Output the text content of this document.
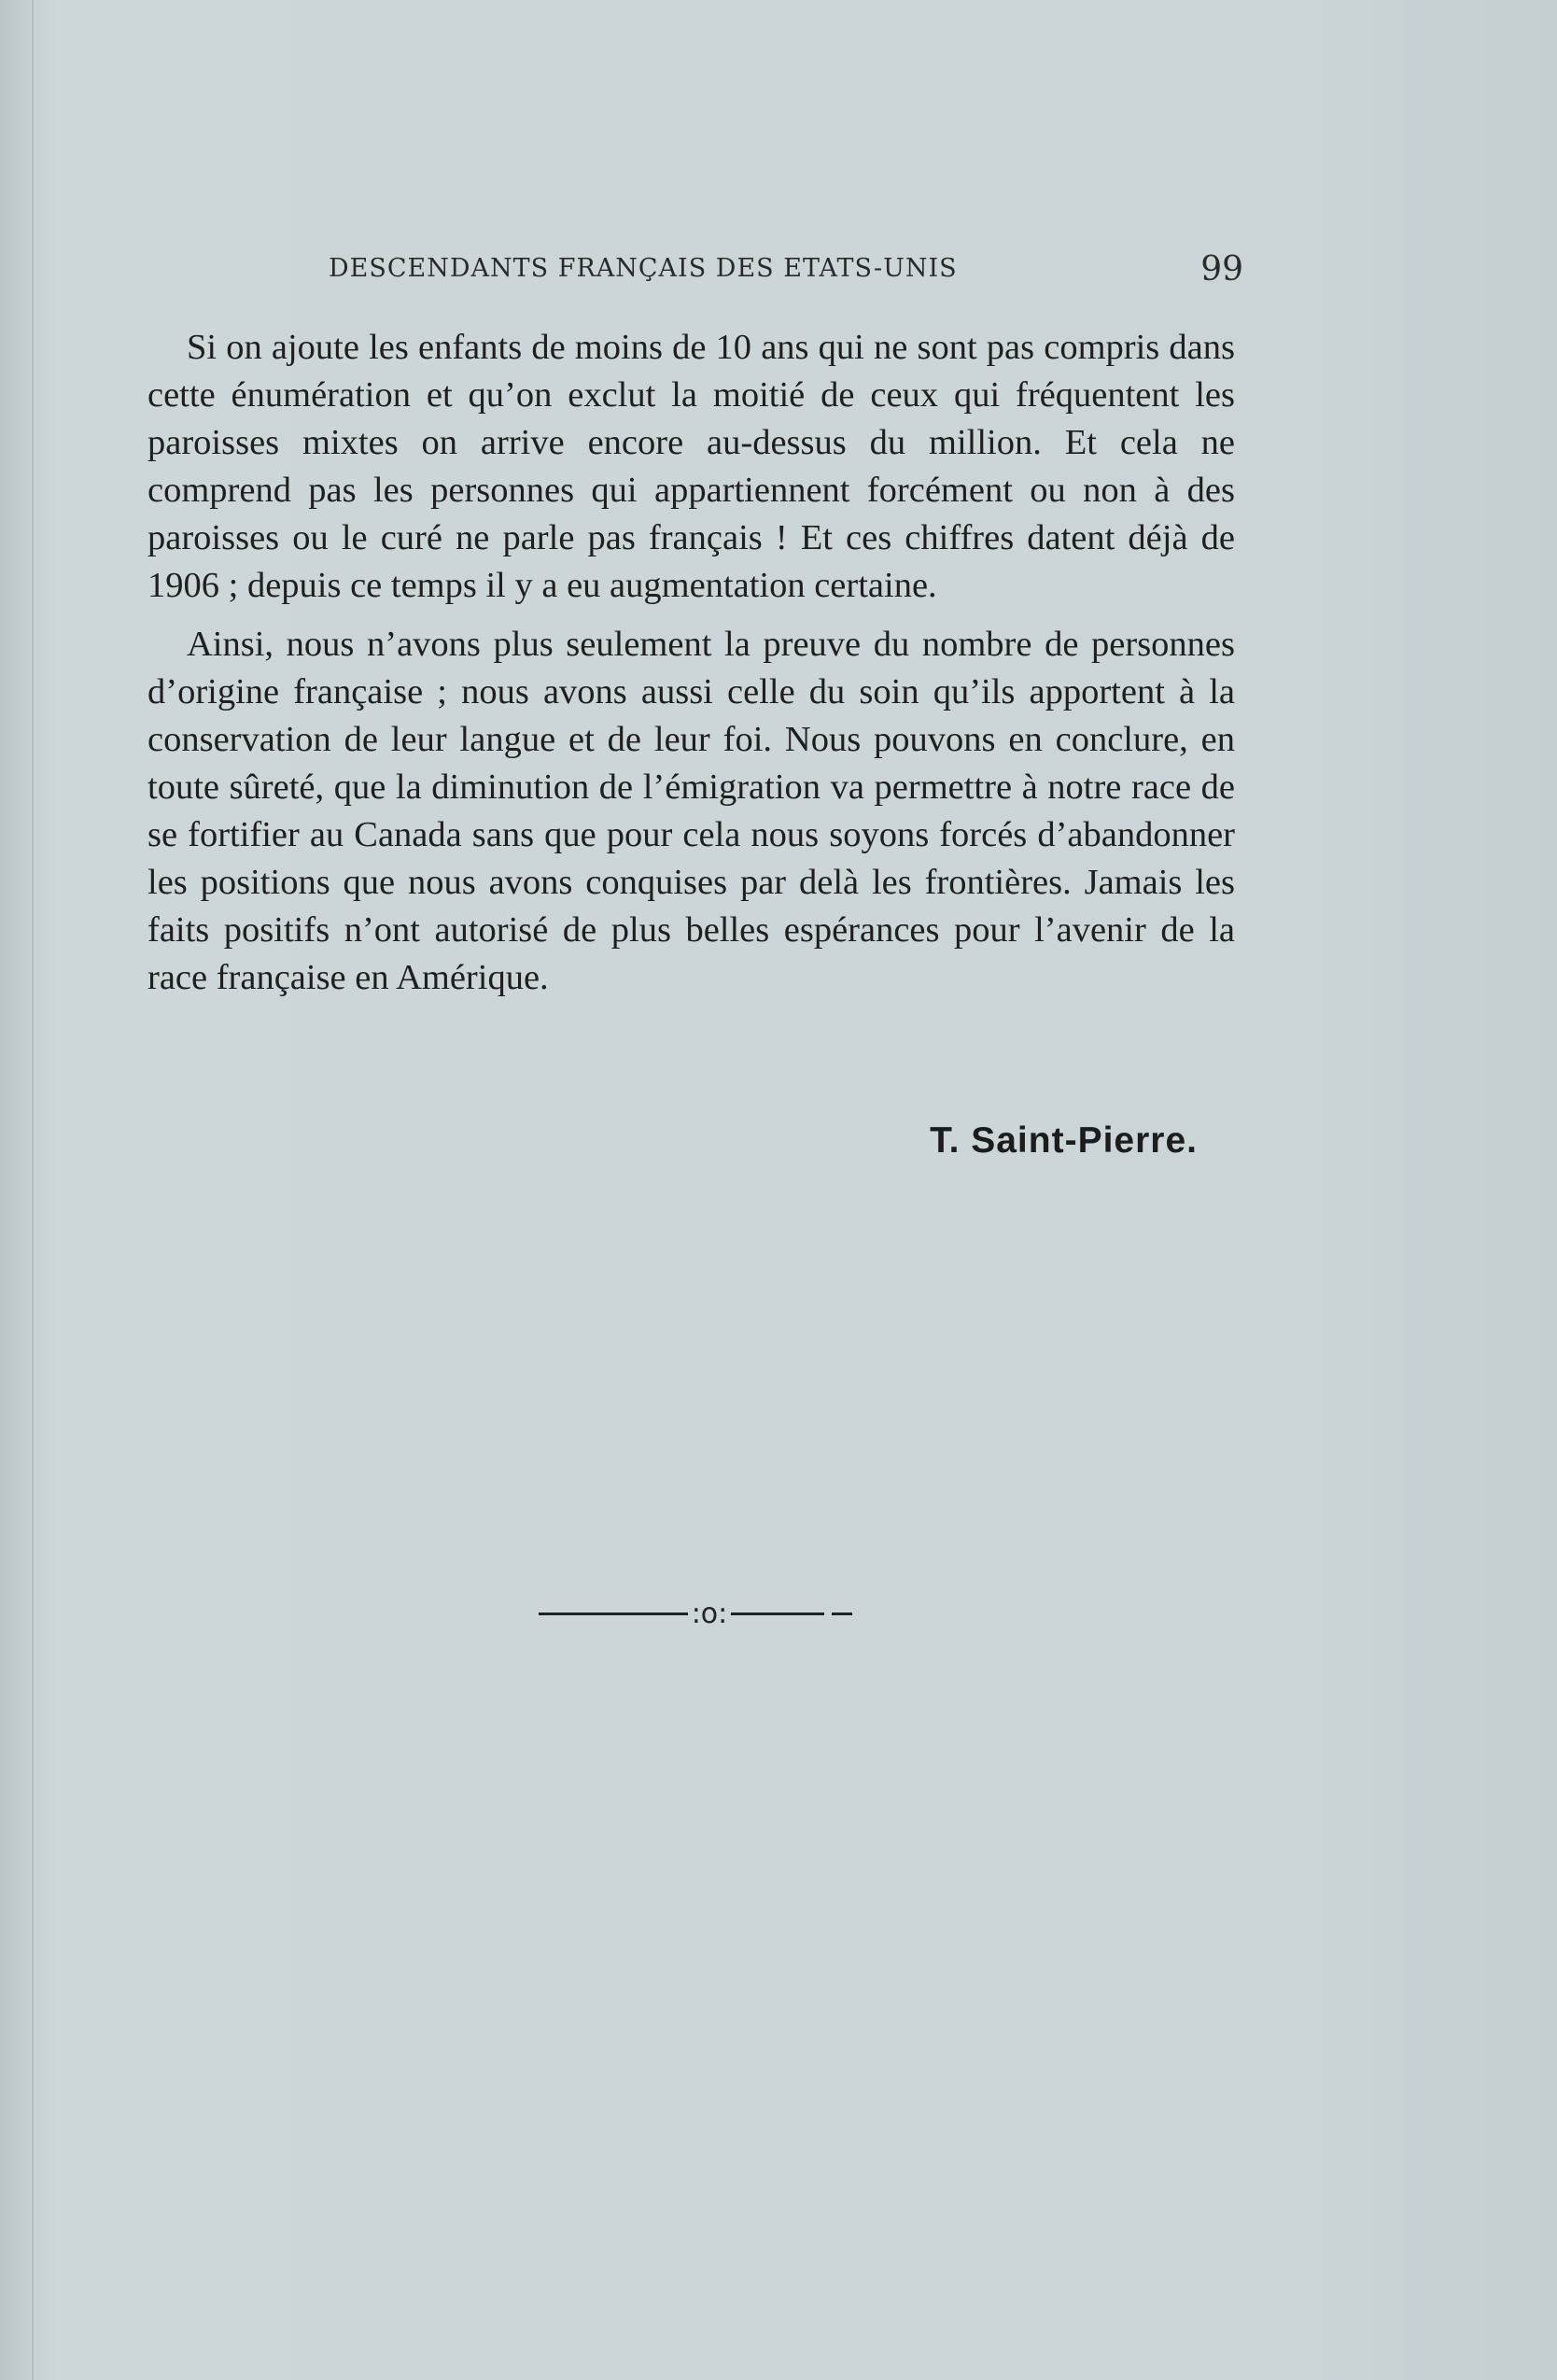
DESCENDANTS FRANÇAIS DES ETATS-UNIS	99

Si on ajoute les enfants de moins de 10 ans qui ne sont pas compris dans cette énumération et qu’on exclut la moitié de ceux qui fréquentent les paroisses mixtes on arrive encore au-dessus du million. Et cela ne comprend pas les personnes qui appartiennent forcément ou non à des paroisses ou le curé ne parle pas français ! Et ces chiffres datent déjà de 1906 ; depuis ce temps il y a eu augmentation certaine.

Ainsi, nous n’avons plus seulement la preuve du nombre de personnes d’origine française ; nous avons aussi celle du soin qu’ils apportent à la conservation de leur langue et de leur foi. Nous pouvons en conclure, en toute sûreté, que la diminution de l’émigration va permettre à notre race de se fortifier au Canada sans que pour cela nous soyons forcés d’abandonner les positions que nous avons conquises par delà les frontières. Jamais les faits positifs n’ont autorisé de plus belles espérances pour l’avenir de la race française en Amérique.

T. Saint-Pierre.
:o:
